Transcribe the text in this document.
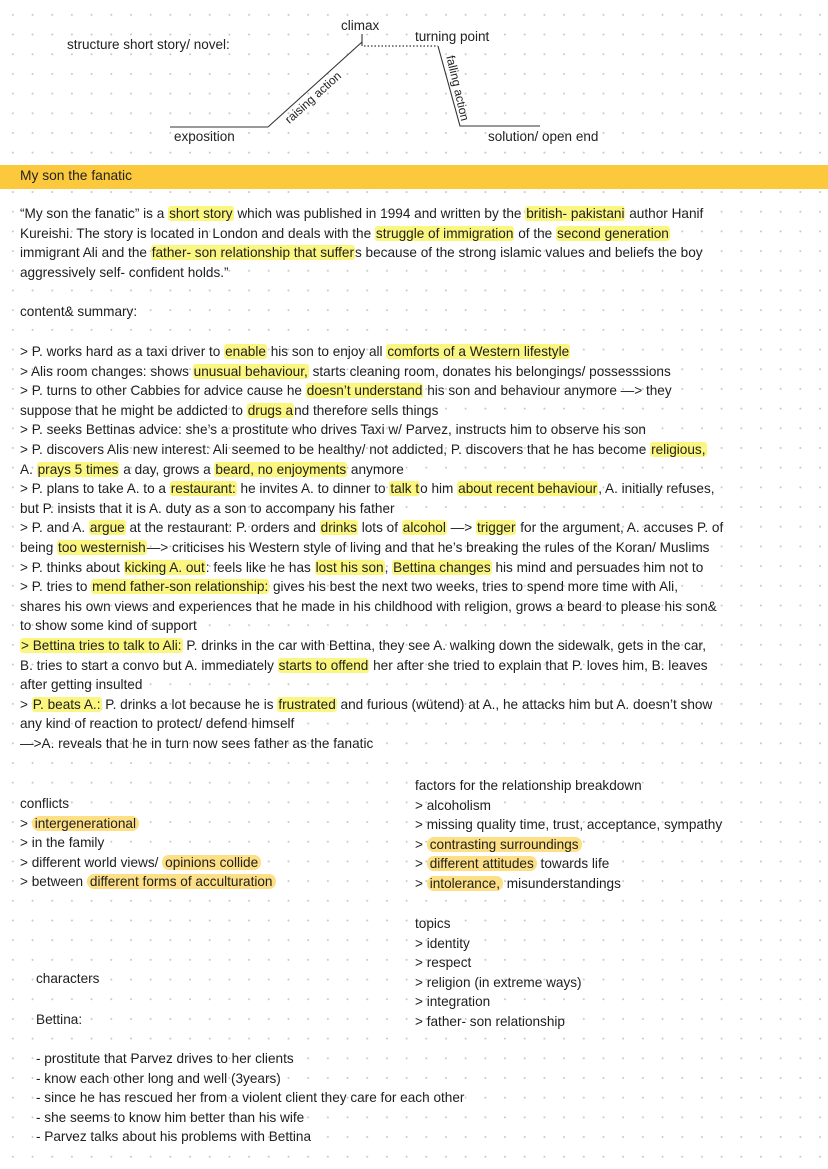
structure short story/ novel:
climax
turning point
raising action	falling action
exposition	solution/ open end
My son the fanatic
“My son the fanatic” is a short story which was published in 1994 and written by the british- pakistani author Hanif
Kureishi. The story is located in London and deals with the struggle of immigration of the second generation
immigrant Ali and the father- son relationship that suffers because of the strong islamic values and beliefs the boy
aggressively self- confident holds.”
content& summary:
> P. works hard as a taxi driver to enable his son to enjoy all comforts of a Western lifestyle
> Alis room changes: shows unusual behaviour, starts cleaning room, donates his belongings/ possesssions
> P. turns to other Cabbies for advice cause he doesn’t understand his son and behaviour anymore —> they
suppose that he might be addicted to drugs and therefore sells things
> P. seeks Bettinas advice: she’s a prostitute who drives Taxi w/ Parvez, instructs him to observe his son
> P. discovers Alis new interest: Ali seemed to be healthy/ not addicted, P. discovers that he has become religious,
A. prays 5 times a day, grows a beard, no enjoyments anymore
> P. plans to take A. to a restaurant: he invites A. to dinner to talk to him about recent behaviour, A. initially refuses,
but P. insists that it is A. duty as a son to accompany his father
> P. and A. argue at the restaurant: P. orders and drinks lots of alcohol —> trigger for the argument, A. accuses P. of
being too westernish—> criticises his Western style of living and that he’s breaking the rules of the Koran/ Muslims
> P. thinks about kicking A. out: feels like he has lost his son, Bettina changes his mind and persuades him not to
> P. tries to mend father-son relationship: gives his best the next two weeks, tries to spend more time with Ali,
shares his own views and experiences that he made in his childhood with religion, grows a beard to please his son&
to show some kind of support
> Bettina tries to talk to Ali: P. drinks in the car with Bettina, they see A. walking down the sidewalk, gets in the car,
B. tries to start a convo but A. immediately starts to offend her after she tried to explain that P. loves him, B. leaves
after getting insulted
> P. beats A.: P. drinks a lot because he is frustrated and furious (wütend) at A., he attacks him but A. doesn’t show
any kind of reaction to protect/ defend himself
—>A. reveals that he in turn now sees father as the fanatic
conflicts
> intergenerational
> in the family
> different world views/ opinions collide
> between different forms of acculturation
factors for the relationship breakdown
> alcoholism
> missing quality time, trust, acceptance, sympathy
> contrasting surroundings
> different attitudes towards life
> intolerance, misunderstandings
topics
> identity
> respect
> religion (in extreme ways)
> integration
> father- son relationship
characters
Bettina:
- prostitute that Parvez drives to her clients
- know each other long and well (3years)
- since he has rescued her from a violent client they care for each other
- she seems to know him better than his wife
- Parvez talks about his problems with Bettina
